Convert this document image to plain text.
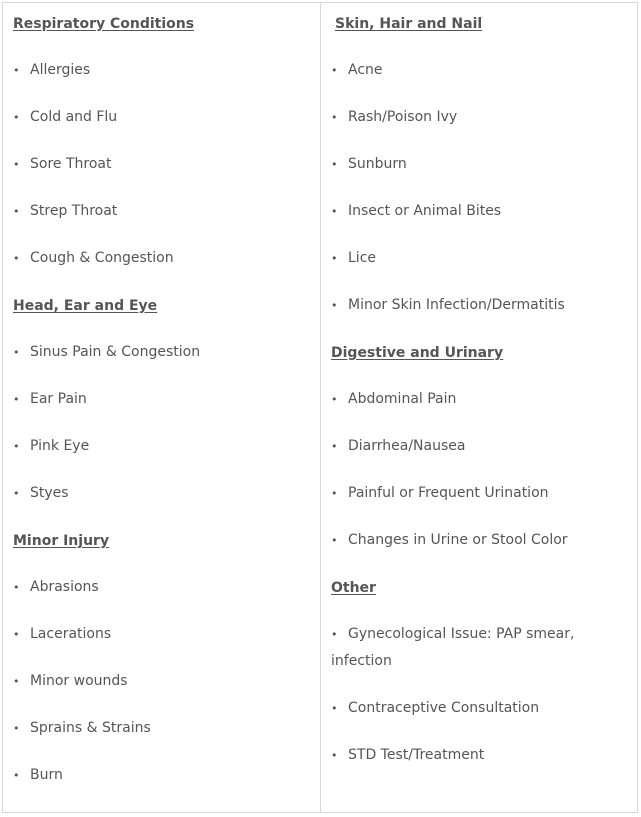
Respiratory Conditions
• Allergies
• Cold and Flu
• Sore Throat
• Strep Throat
• Cough & Congestion
Head, Ear and Eye
• Sinus Pain & Congestion
• Ear Pain
• Pink Eye
• Styes
Minor Injury
• Abrasions
• Lacerations
• Minor wounds
• Sprains & Strains
• Burn
Skin, Hair and Nail
• Acne
• Rash/Poison Ivy
• Sunburn
• Insect or Animal Bites
• Lice
• Minor Skin Infection/Dermatitis
Digestive and Urinary
• Abdominal Pain
• Diarrhea/Nausea
• Painful or Frequent Urination
• Changes in Urine or Stool Color
Other
• Gynecological Issue: PAP smear, infection
• Contraceptive Consultation
• STD Test/Treatment
